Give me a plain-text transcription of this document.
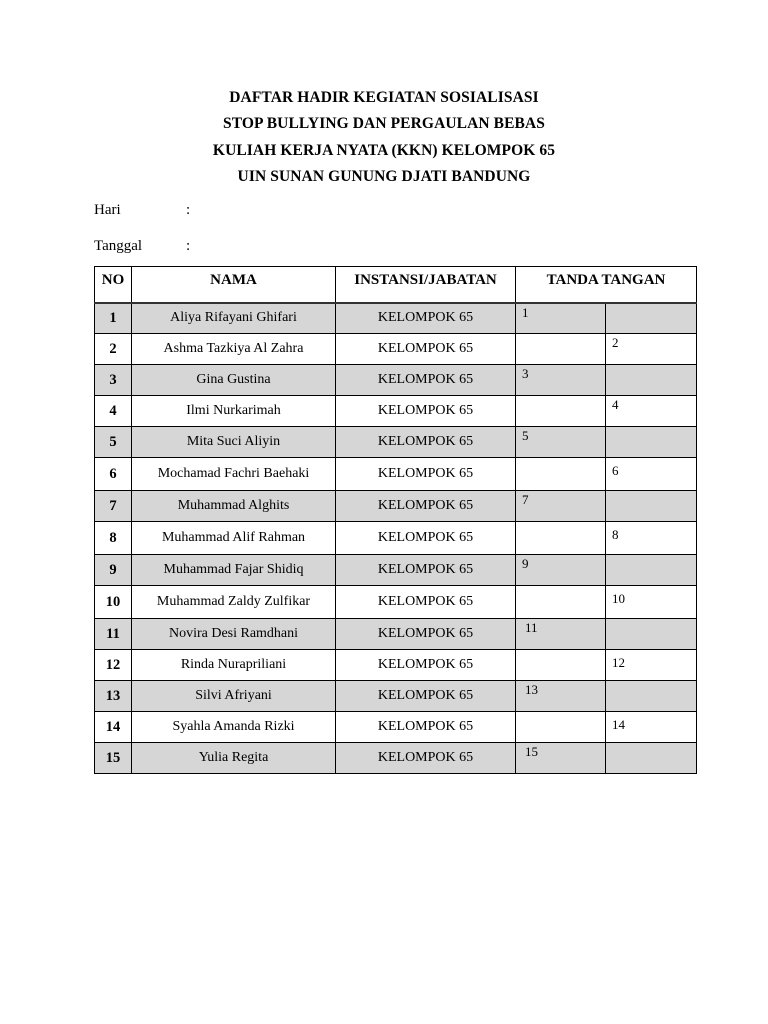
DAFTAR HADIR KEGIATAN SOSIALISASI
STOP BULLYING DAN PERGAULAN BEBAS
KULIAH KERJA NYATA (KKN) KELOMPOK 65
UIN SUNAN GUNUNG DJATI BANDUNG
Hari	:
Tanggal	:
NO	NAMA	INSTANSI/JABATAN	TANDA TANGAN	
1	Aliya Rifayani Ghifari	KELOMPOK 65	1	
2	Ashma Tazkiya Al Zahra	KELOMPOK 65		2
3	Gina Gustina	KELOMPOK 65	3	
4	Ilmi Nurkarimah	KELOMPOK 65		4
5	Mita Suci Aliyin	KELOMPOK 65	5	
6	Mochamad Fachri Baehaki	KELOMPOK 65		6
7	Muhammad Alghits	KELOMPOK 65	7	
8	Muhammad Alif Rahman	KELOMPOK 65		8
9	Muhammad Fajar Shidiq	KELOMPOK 65	9	
10	Muhammad Zaldy Zulfikar	KELOMPOK 65		10
11	Novira Desi Ramdhani	KELOMPOK 65	11	
12	Rinda Nurapriliani	KELOMPOK 65		12
13	Silvi Afriyani	KELOMPOK 65	13	
14	Syahla Amanda Rizki	KELOMPOK 65		14
15	Yulia Regita	KELOMPOK 65	15	
